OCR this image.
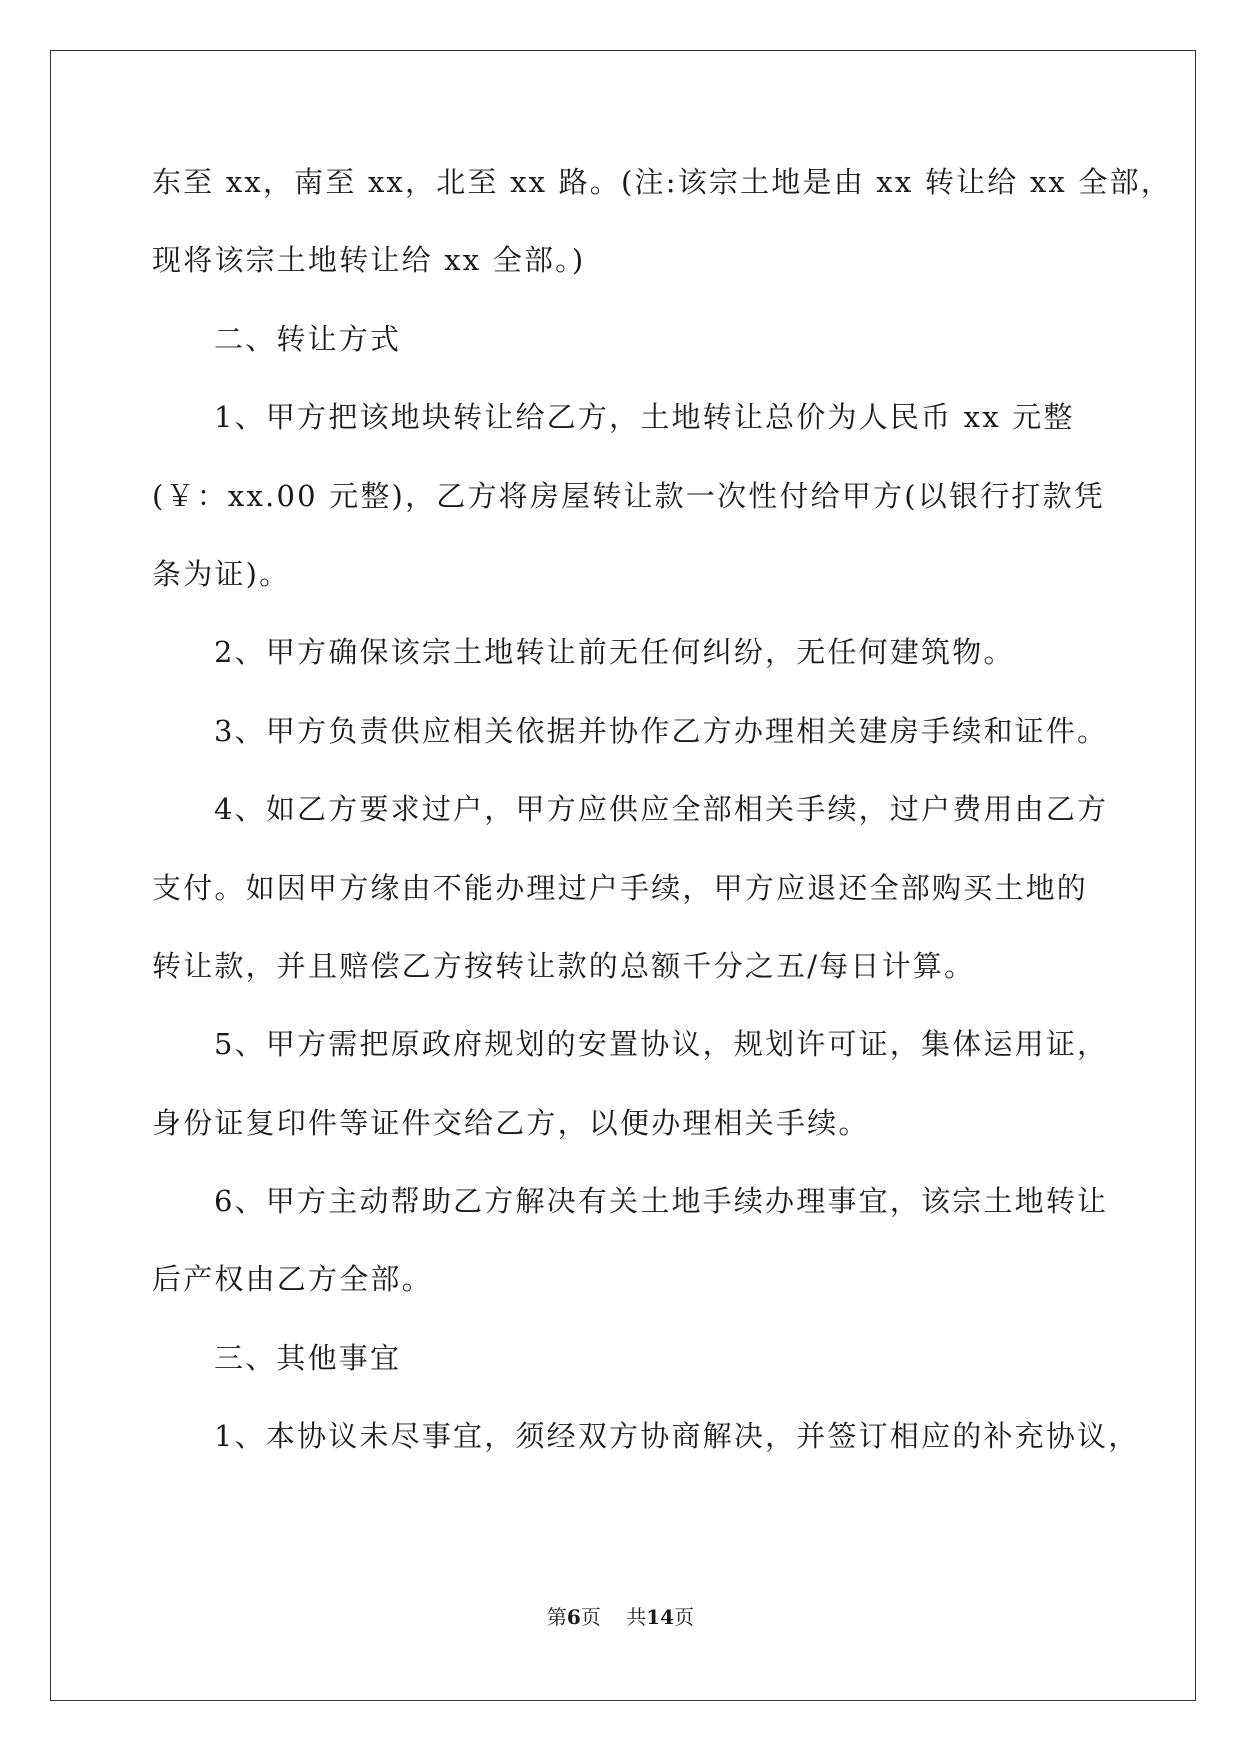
东至 xx，南至 xx，北至 xx 路。(注:该宗土地是由 xx 转让给 xx 全部，
现将该宗土地转让给 xx 全部。)
二、转让方式
1、甲方把该地块转让给乙方，土地转让总价为人民币 xx 元整
(￥：xx.00 元整)，乙方将房屋转让款一次性付给甲方(以银行打款凭
条为证)。
2、甲方确保该宗土地转让前无任何纠纷，无任何建筑物。
3、甲方负责供应相关依据并协作乙方办理相关建房手续和证件。
4、如乙方要求过户，甲方应供应全部相关手续，过户费用由乙方
支付。如因甲方缘由不能办理过户手续，甲方应退还全部购买土地的
转让款，并且赔偿乙方按转让款的总额千分之五/每日计算。
5、甲方需把原政府规划的安置协议，规划许可证，集体运用证，
身份证复印件等证件交给乙方，以便办理相关手续。
6、甲方主动帮助乙方解决有关土地手续办理事宜，该宗土地转让
后产权由乙方全部。
三、其他事宜
1、本协议未尽事宜，须经双方协商解决，并签订相应的补充协议，
第6页 共14页
